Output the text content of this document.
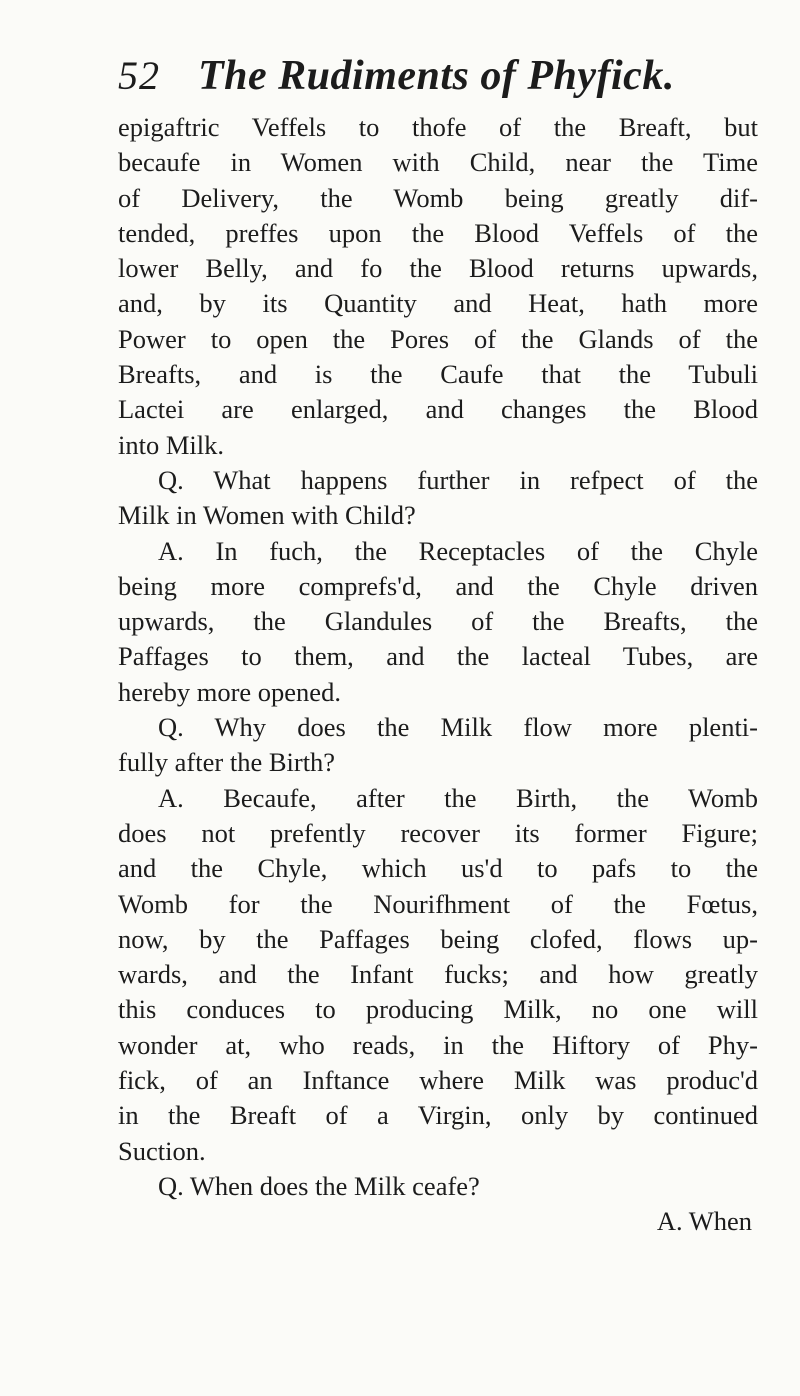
52 The Rudiments of Phyfick.
epigaftric Veffels to thofe of the Breaft, but
becaufe in Women with Child, near the Time
of Delivery, the Womb being greatly dif-
tended, preffes upon the Blood Veffels of the
lower Belly, and fo the Blood returns upwards,
and, by its Quantity and Heat, hath more
Power to open the Pores of the Glands of the
Breafts, and is the Caufe that the Tubuli
Lactei are enlarged, and changes the Blood
into Milk.
Q. What happens further in refpect of the
Milk in Women with Child?
A. In fuch, the Receptacles of the Chyle
being more comprefs'd, and the Chyle driven
upwards, the Glandules of the Breafts, the
Paffages to them, and the lacteal Tubes, are
hereby more opened.
Q. Why does the Milk flow more plenti-
fully after the Birth?
A. Becaufe, after the Birth, the Womb
does not prefently recover its former Figure;
and the Chyle, which us'd to pafs to the
Womb for the Nourifhment of the Fœtus,
now, by the Paffages being clofed, flows up-
wards, and the Infant fucks; and how greatly
this conduces to producing Milk, no one will
wonder at, who reads, in the Hiftory of Phy-
fick, of an Inftance where Milk was produc'd
in the Breaft of a Virgin, only by continued
Suction.
Q. When does the Milk ceafe?
A. When
